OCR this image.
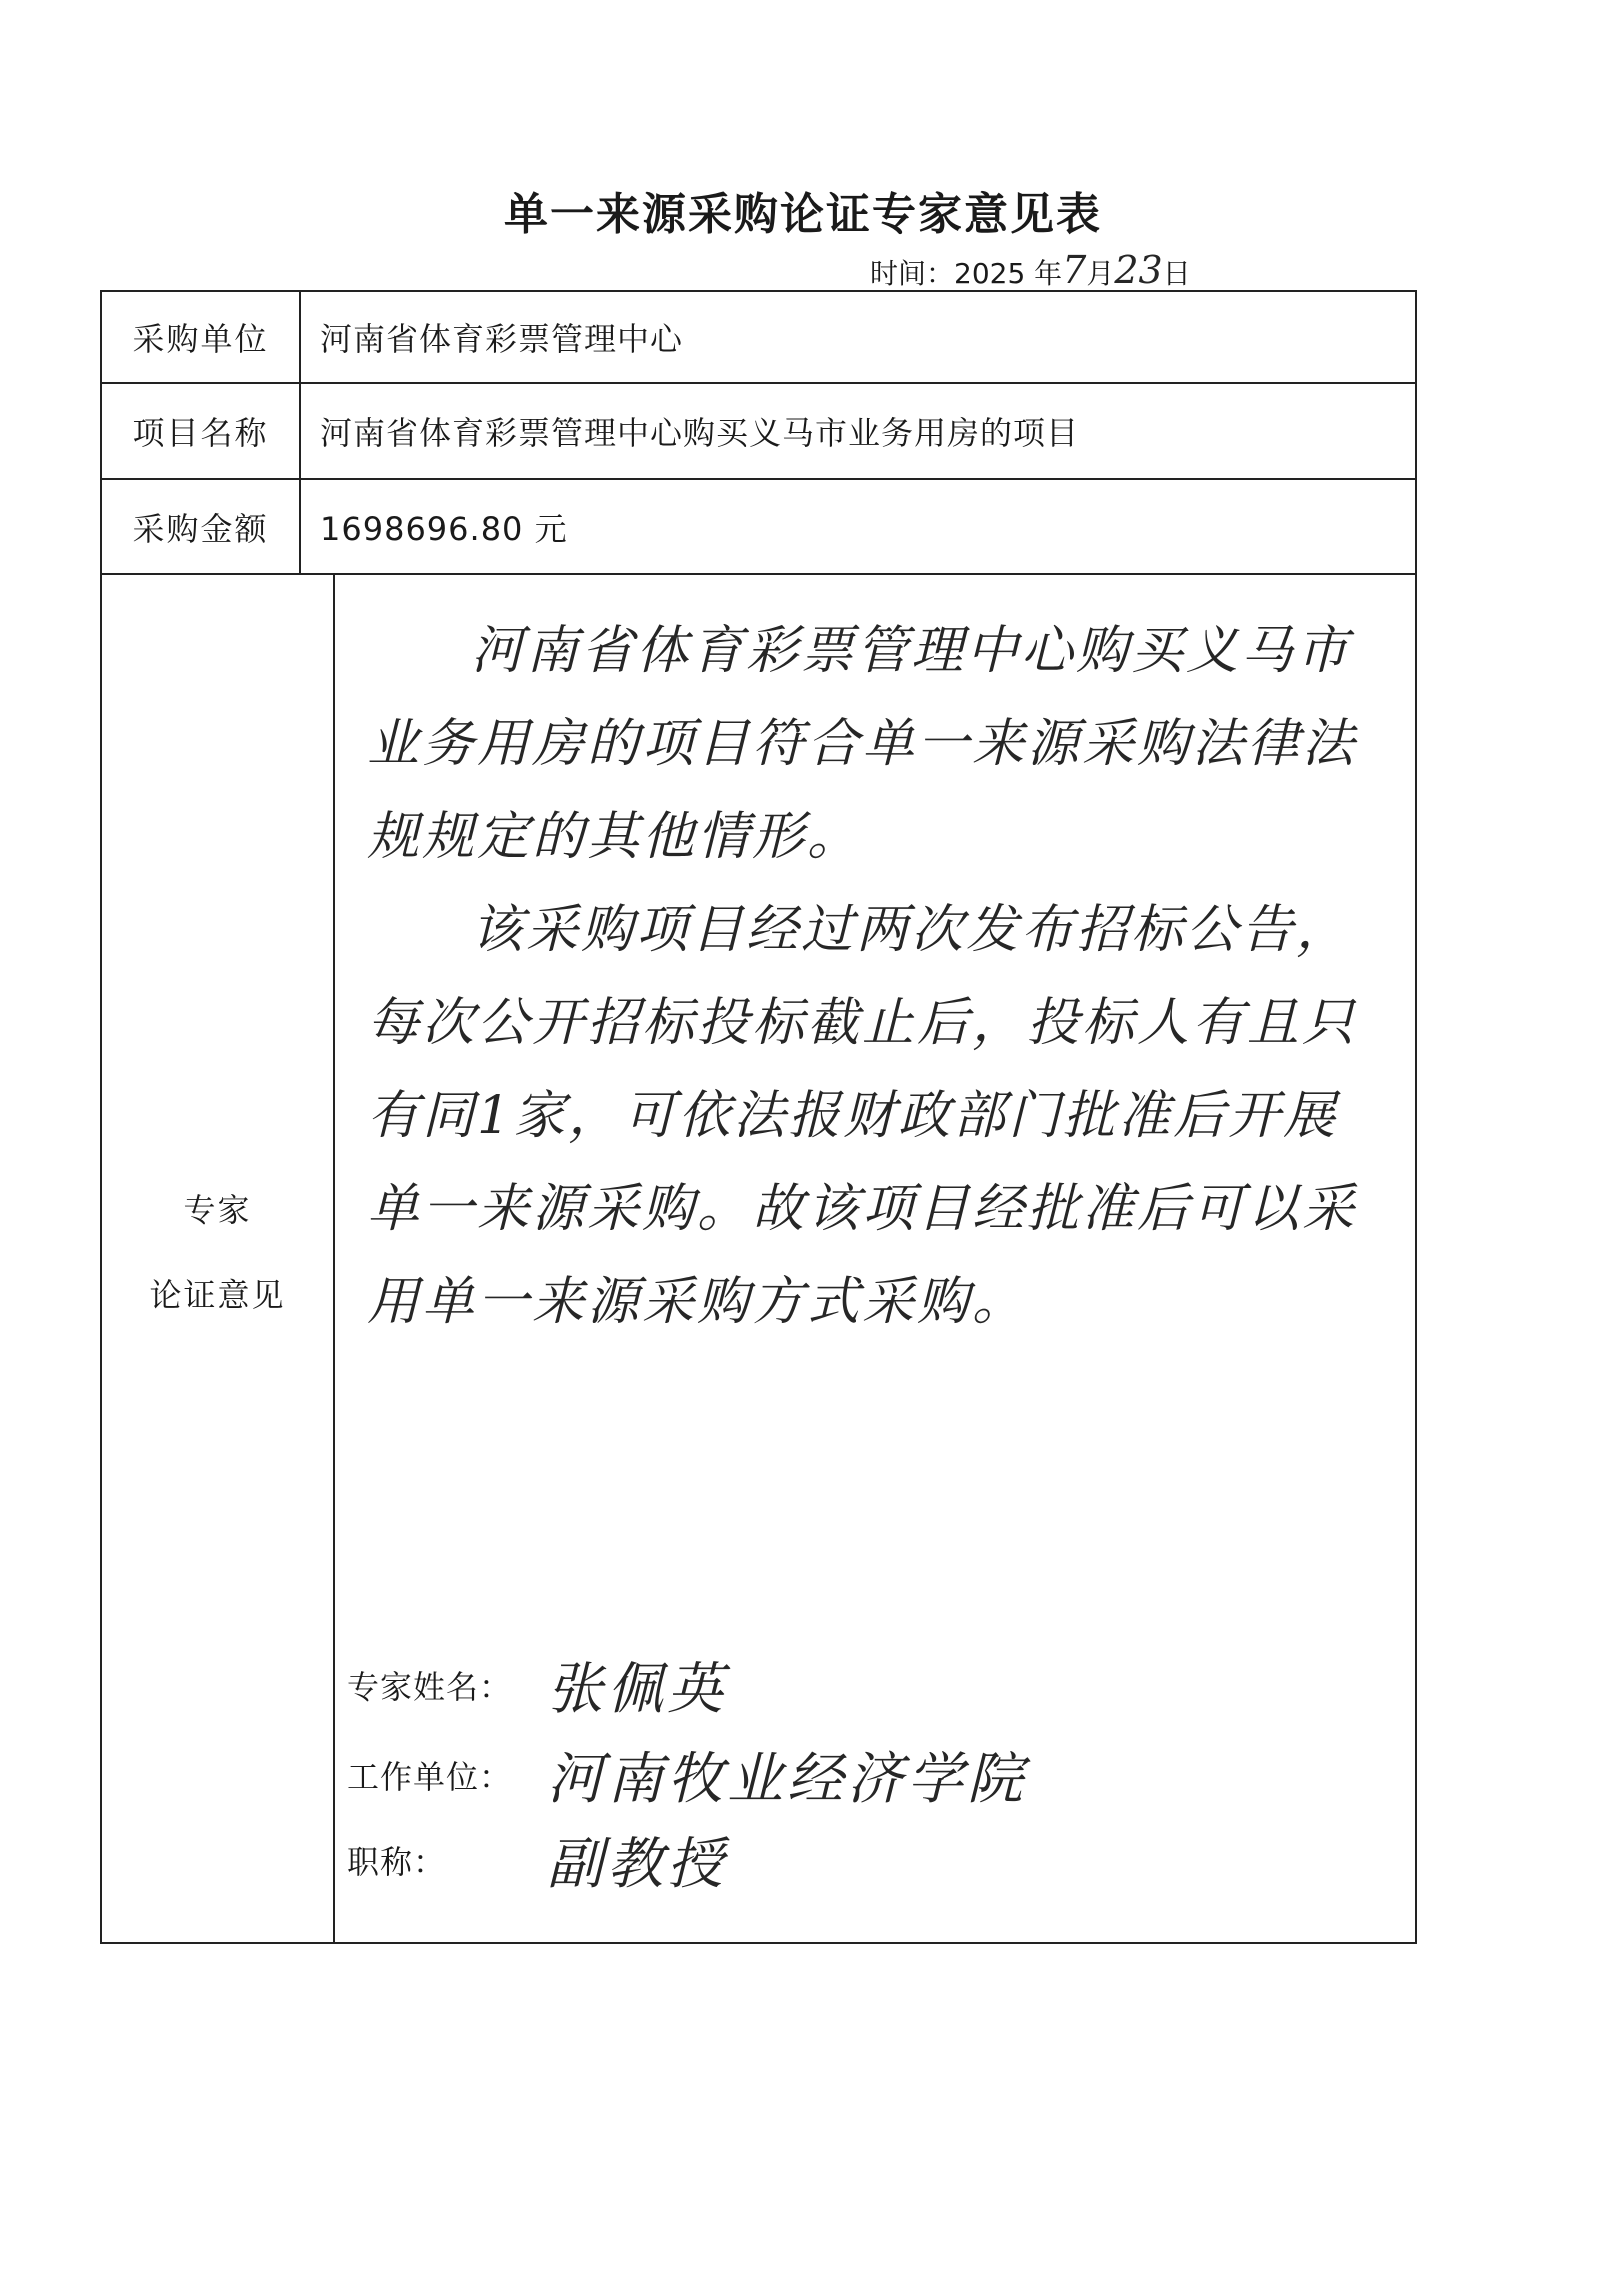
单一来源采购论证专家意见表
时间：2025 年7月23日
采购单位	河南省体育彩票管理中心
项目名称	河南省体育彩票管理中心购买义马市业务用房的项目
采购金额	1698696.80 元
专家
论证意见

河南省体育彩票管理中心购买义马市业务用房的项目符合单一来源采购法律法规规定的其他情形。

该采购项目经过两次发布招标公告，每次公开招标投标截止后，投标人有且只有同1家，可依法报财政部门批准后开展单一来源采购。故该项目经批准后可以采用单一来源采购方式采购。

专家姓名： 张佩英
工作单位： 河南牧业经济学院
职称：	副教授
